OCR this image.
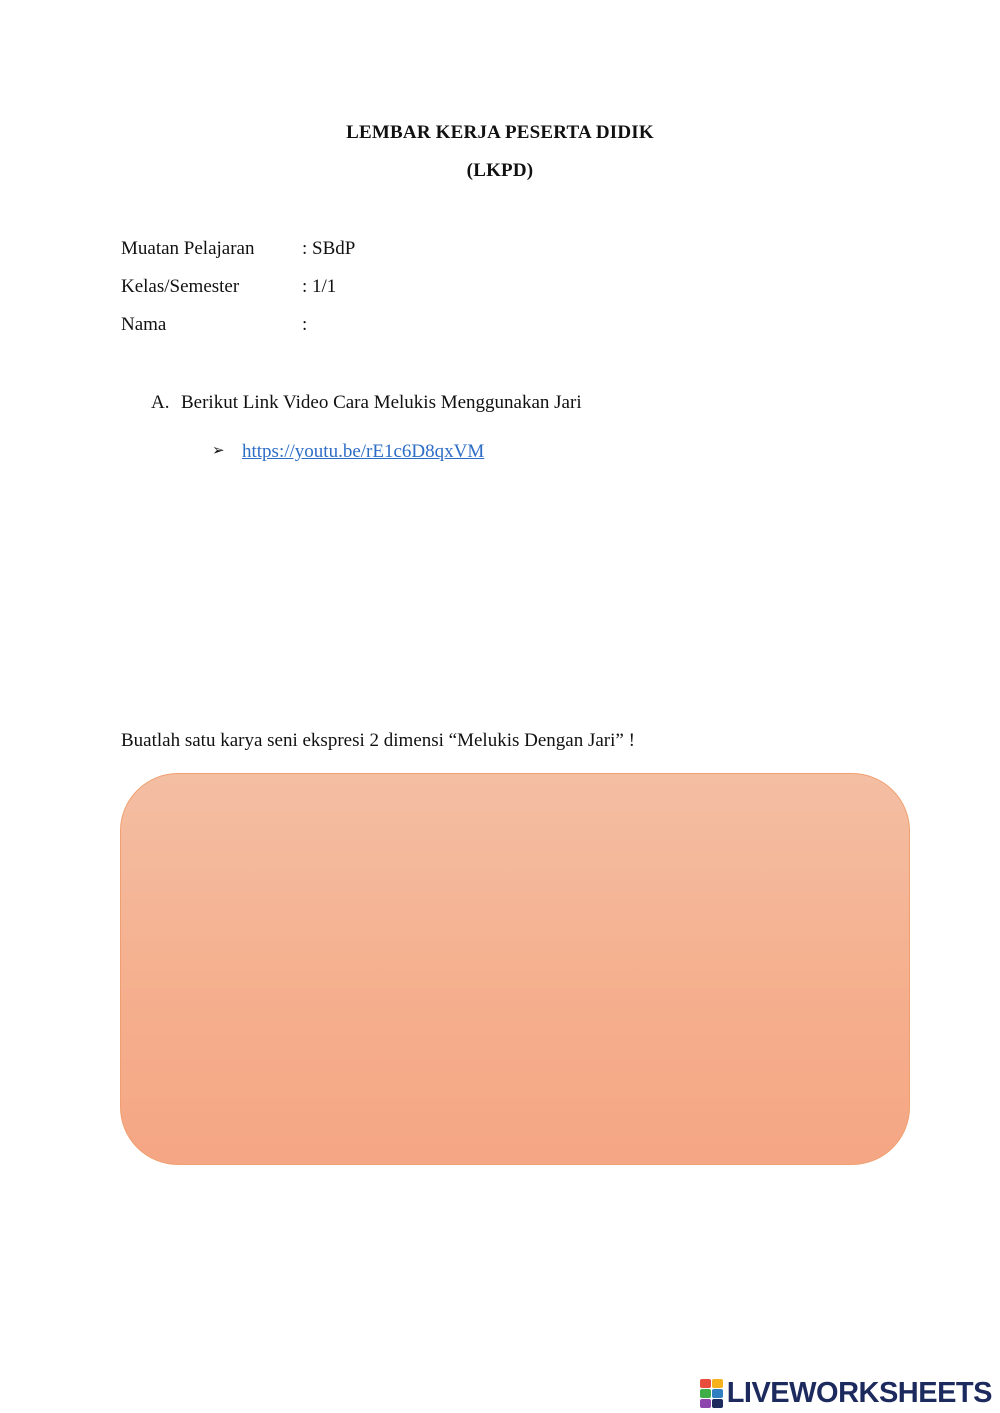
LEMBAR KERJA PESERTA DIDIK
(LKPD)
Muatan Pelajaran	: SBdP
Kelas/Semester	: 1/1
Nama	:
A. Berikut Link Video Cara Melukis Menggunakan Jari
➢ https://youtu.be/rE1c6D8qxVM
Buatlah satu karya seni ekspresi 2 dimensi “Melukis Dengan Jari” !
LIVEWORKSHEETS
